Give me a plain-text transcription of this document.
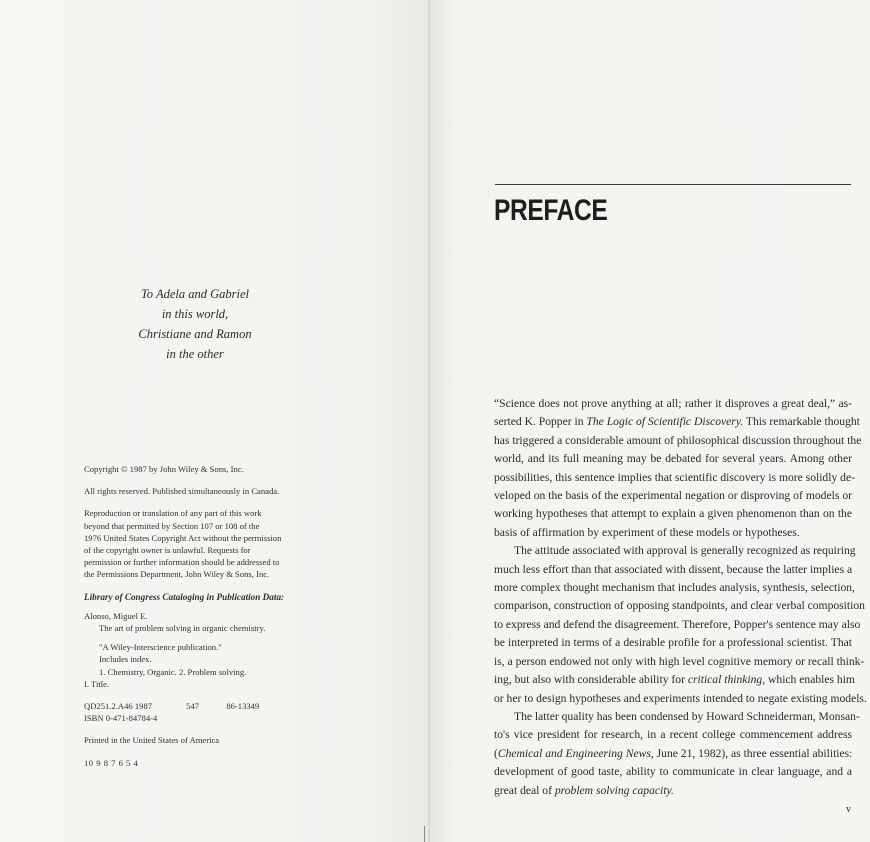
To Adela and Gabriel
in this world,
Christiane and Ramon
in the other
Copyright © 1987 by John Wiley & Sons, Inc.
All rights reserved. Published simultaneously in Canada.
Reproduction or translation of any part of this work
beyond that permitted by Section 107 or 108 of the
1976 United States Copyright Act without the permission
of the copyright owner is unlawful. Requests for
permission or further information should be addressed to
the Permissions Department, John Wiley & Sons, Inc.
Library of Congress Cataloging in Publication Data:
Alonso, Miguel E.
The art of problem solving in organic chemistry.
"A Wiley-Interscience publication."
Includes index.
1. Chemistry, Organic. 2. Problem solving.
I. Title.
QD251.2.A46 1987	547	86-13349
ISBN 0-471-84784-4
Printed in the United States of America
10 9 8 7 6 5 4
PREFACE
“Science does not prove anything at all; rather it disproves a great deal,” as-
serted K. Popper in The Logic of Scientific Discovery. This remarkable thought
has triggered a considerable amount of philosophical discussion throughout the
world, and its full meaning may be debated for several years. Among other
possibilities, this sentence implies that scientific discovery is more solidly de-
veloped on the basis of the experimental negation or disproving of models or
working hypotheses that attempt to explain a given phenomenon than on the
basis of affirmation by experiment of these models or hypotheses.
The attitude associated with approval is generally recognized as requiring
much less effort than that associated with dissent, because the latter implies a
more complex thought mechanism that includes analysis, synthesis, selection,
comparison, construction of opposing standpoints, and clear verbal composition
to express and defend the disagreement. Therefore, Popper's sentence may also
be interpreted in terms of a desirable profile for a professional scientist. That
is, a person endowed not only with high level cognitive memory or recall think-
ing, but also with considerable ability for critical thinking, which enables him
or her to design hypotheses and experiments intended to negate existing models.
The latter quality has been condensed by Howard Schneiderman, Monsan-
to's vice president for research, in a recent college commencement address
(Chemical and Engineering News, June 21, 1982), as three essential abilities:
development of good taste, ability to communicate in clear language, and a
great deal of problem solving capacity.
v
